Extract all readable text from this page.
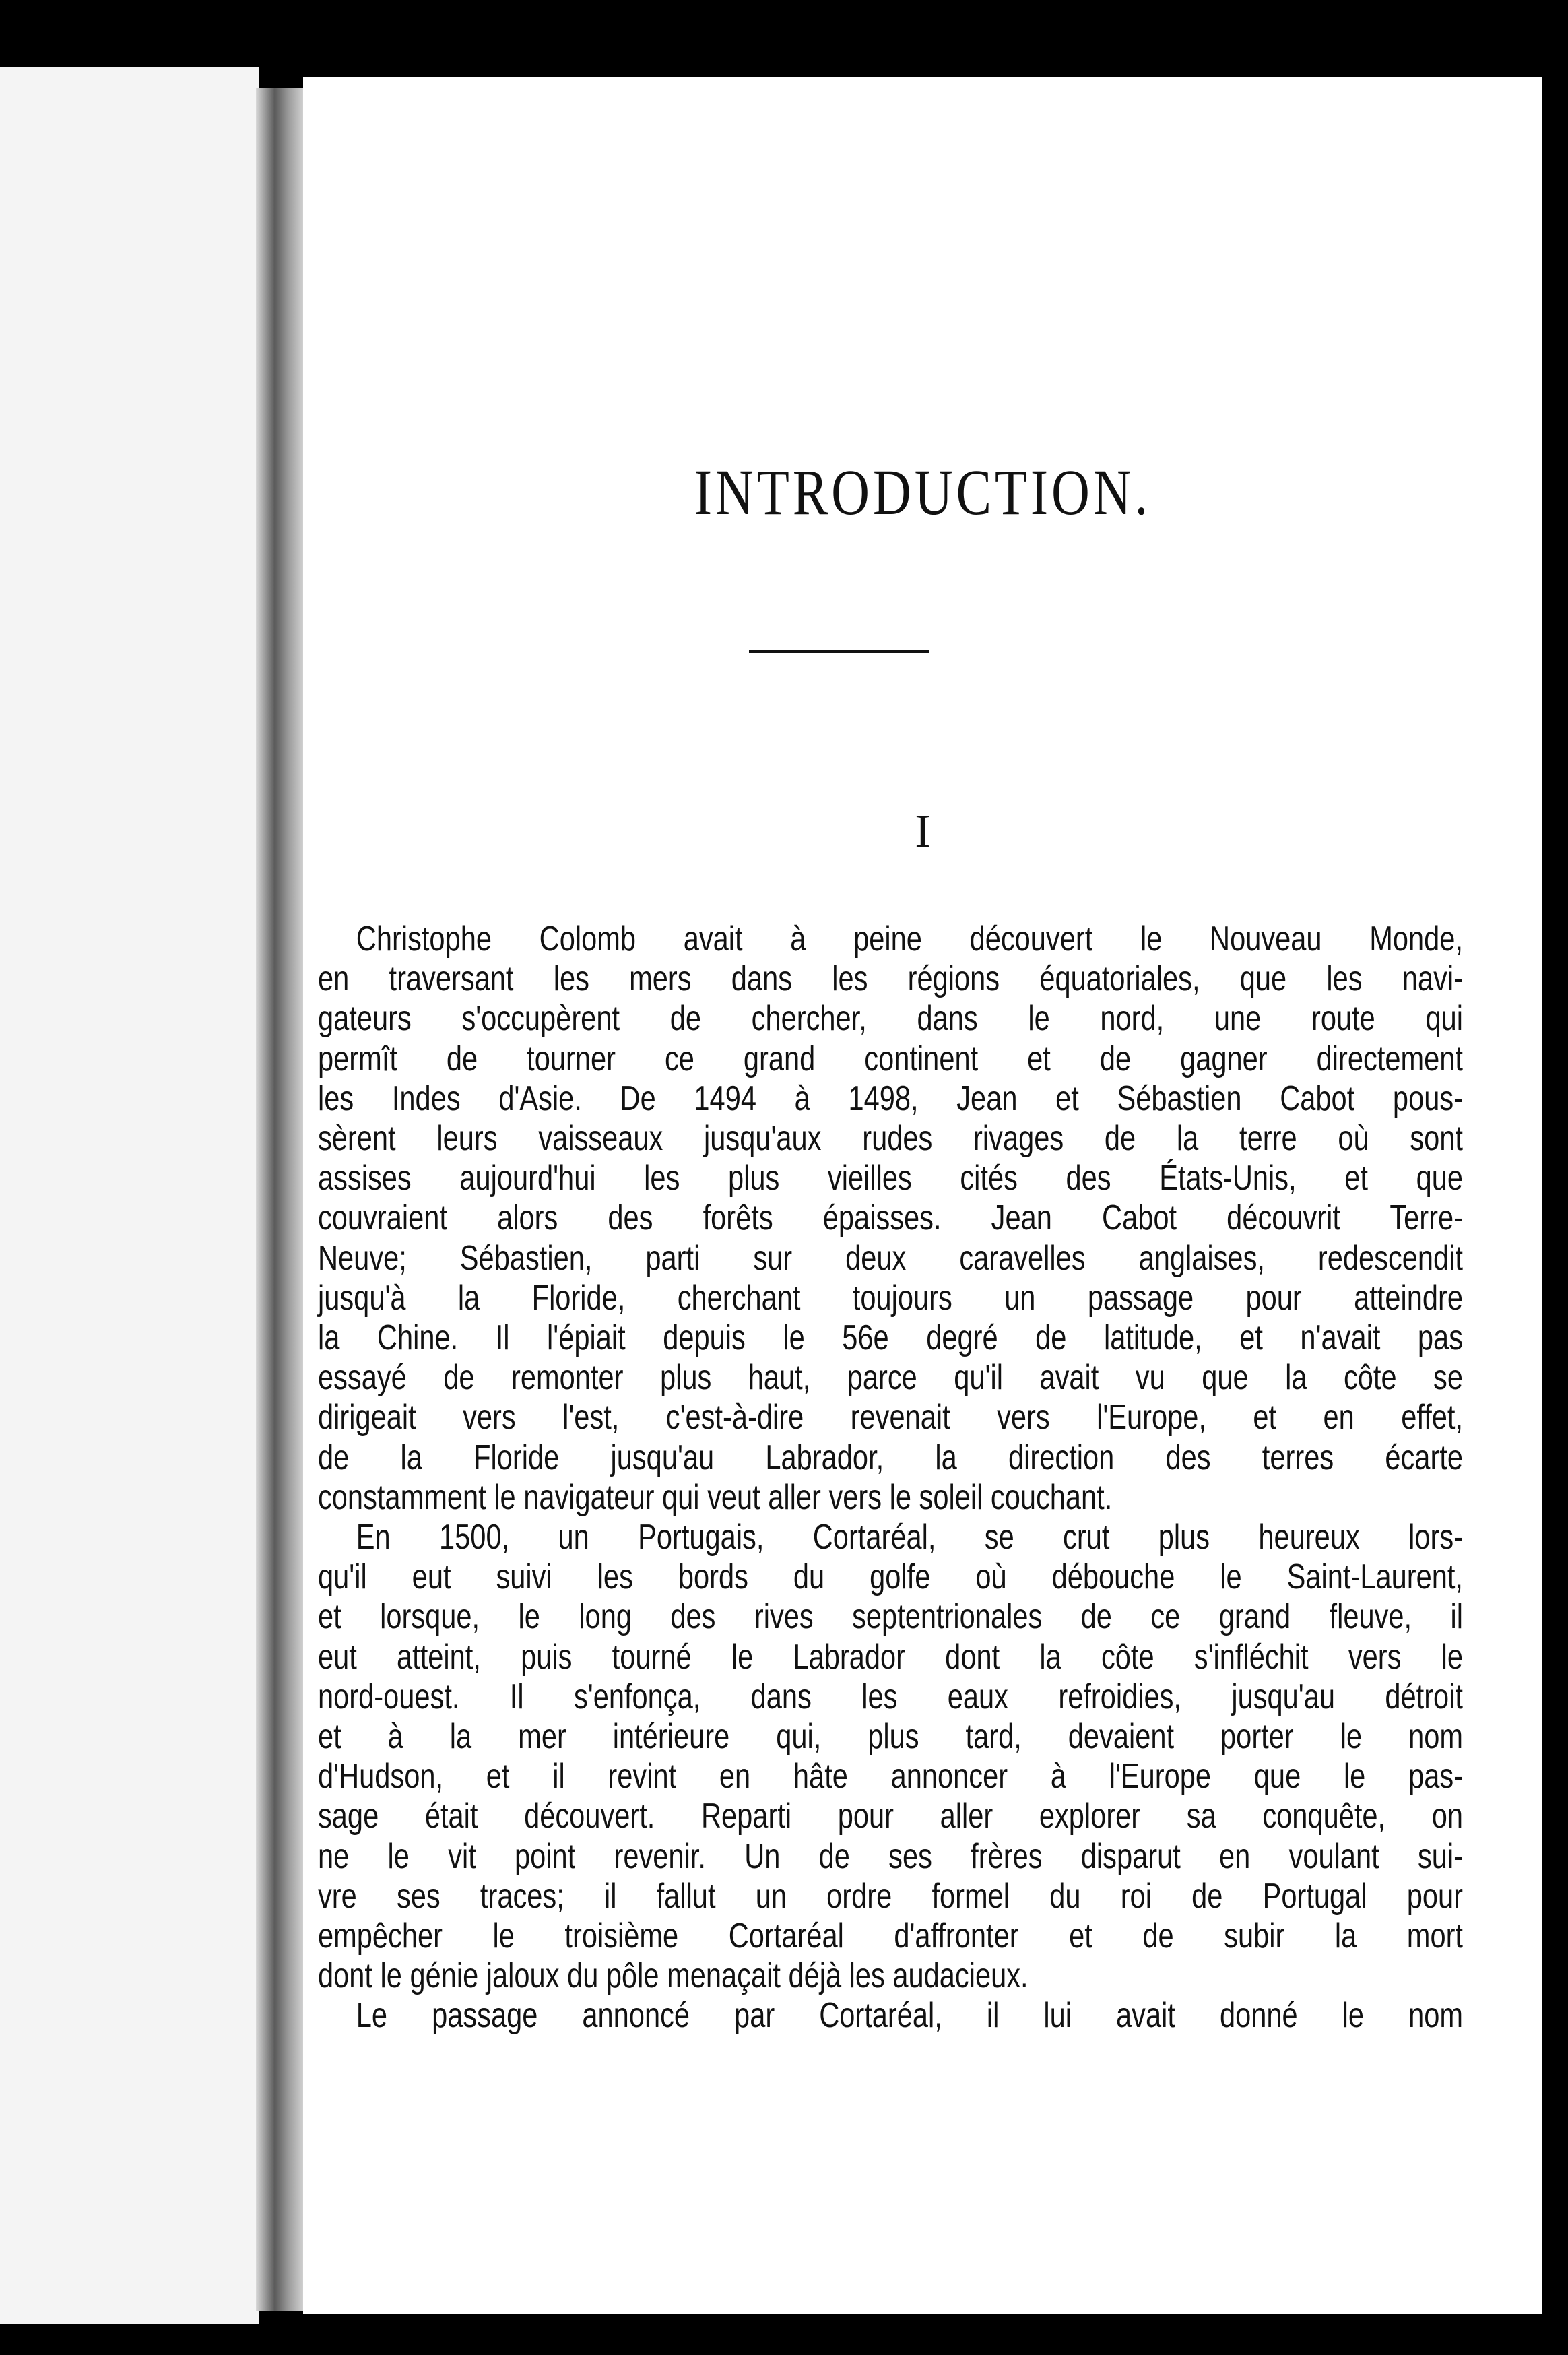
INTRODUCTION.
I
Christophe Colomb avait à peine découvert le Nouveau Monde,
en traversant les mers dans les régions équatoriales, que les navi-
gateurs s'occupèrent de chercher, dans le nord, une route qui
permît de tourner ce grand continent et de gagner directement
les Indes d'Asie. De 1494 à 1498, Jean et Sébastien Cabot pous-
sèrent leurs vaisseaux jusqu'aux rudes rivages de la terre où sont
assises aujourd'hui les plus vieilles cités des États-Unis, et que
couvraient alors des forêts épaisses. Jean Cabot découvrit Terre-
Neuve; Sébastien, parti sur deux caravelles anglaises, redescendit
jusqu'à la Floride, cherchant toujours un passage pour atteindre
la Chine. Il l'épiait depuis le 56e degré de latitude, et n'avait pas
essayé de remonter plus haut, parce qu'il avait vu que la côte se
dirigeait vers l'est, c'est-à-dire revenait vers l'Europe, et en effet,
de la Floride jusqu'au Labrador, la direction des terres écarte
constamment le navigateur qui veut aller vers le soleil couchant.
En 1500, un Portugais, Cortaréal, se crut plus heureux lors-
qu'il eut suivi les bords du golfe où débouche le Saint-Laurent,
et lorsque, le long des rives septentrionales de ce grand fleuve, il
eut atteint, puis tourné le Labrador dont la côte s'infléchit vers le
nord-ouest. Il s'enfonça, dans les eaux refroidies, jusqu'au détroit
et à la mer intérieure qui, plus tard, devaient porter le nom
d'Hudson, et il revint en hâte annoncer à l'Europe que le pas-
sage était découvert. Reparti pour aller explorer sa conquête, on
ne le vit point revenir. Un de ses frères disparut en voulant sui-
vre ses traces; il fallut un ordre formel du roi de Portugal pour
empêcher le troisième Cortaréal d'affronter et de subir la mort
dont le génie jaloux du pôle menaçait déjà les audacieux.
Le passage annoncé par Cortaréal, il lui avait donné le nom
